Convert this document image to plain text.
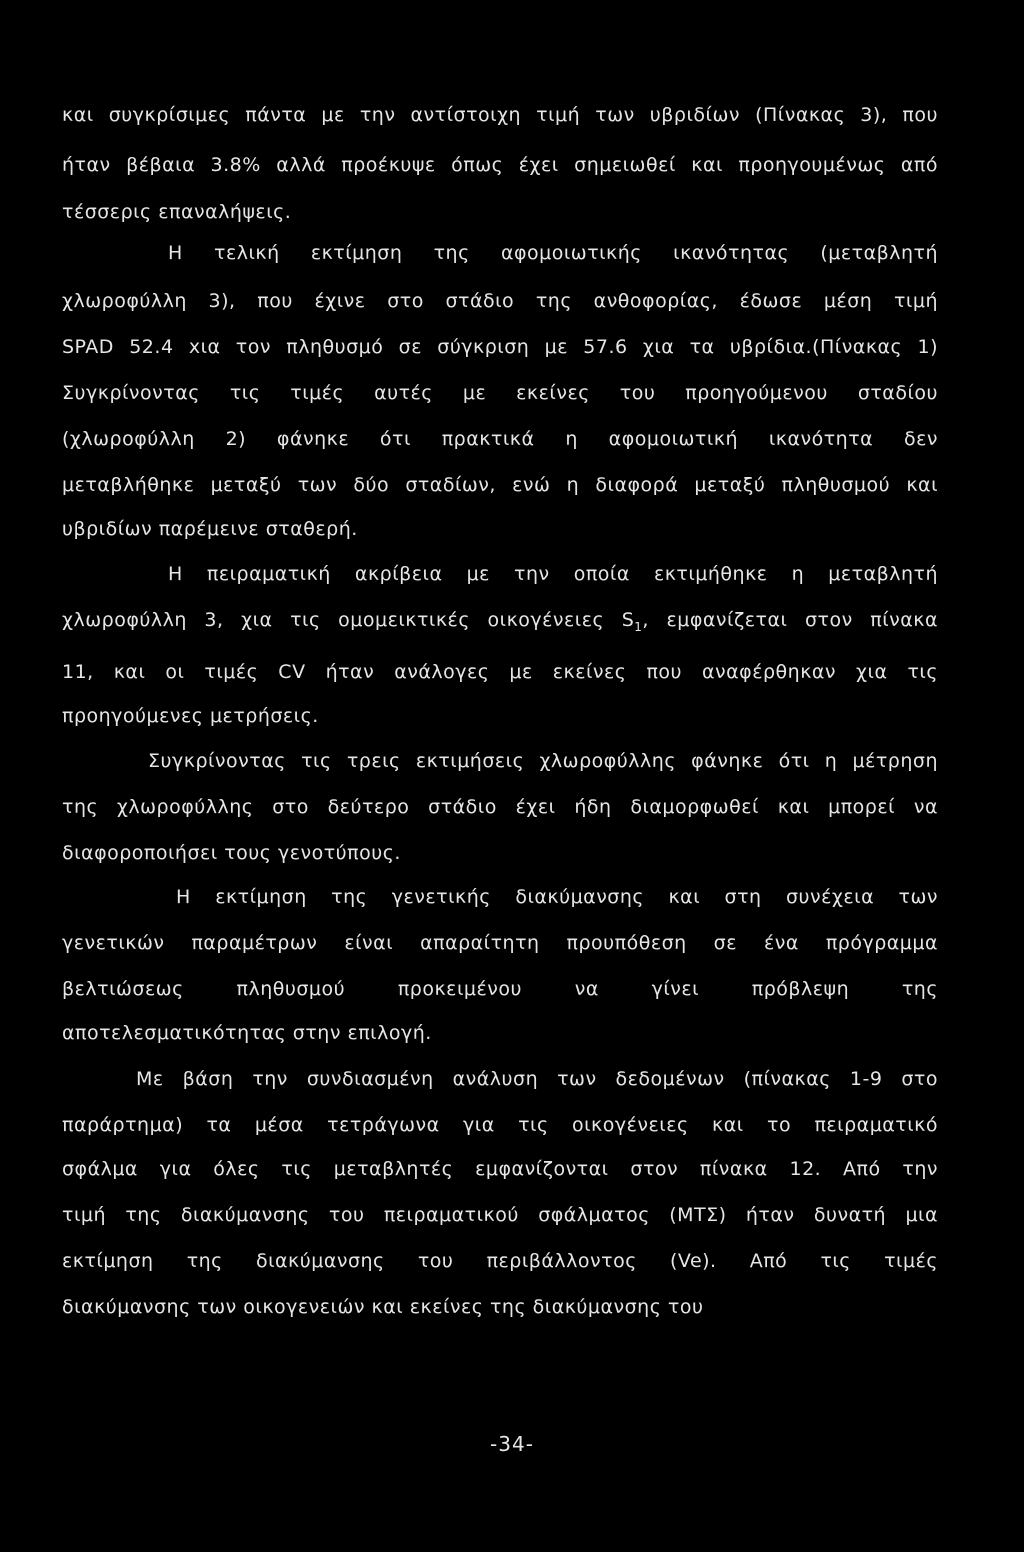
και συγκρίσιμες πάντα με την αντίστοιχη τιμή των υβριδίων (Πίνακας 3), που
ήταν βέβαια 3.8% αλλά προέκυψε όπως έχει σημειωθεί και προηγουμένως από
τέσσερις επαναλήψεις.
Η τελική εκτίμηση της αφομοιωτικής ικανότητας (μεταβλητή
χλωροφύλλη 3), που έχινε στο στάδιο της ανθοφορίας, έδωσε μέση τιμή
SPAD 52.4 xια τον πληθυσμό σε σύγκριση με 57.6 χια τα υβρίδια.(Πίνακας 1)
Συγκρίνοντας τις τιμές αυτές με εκείνες του προηγούμενου σταδίου
(χλωροφύλλη 2) φάνηκε ότι πρακτικά η αφομοιωτική ικανότητα δεν
μεταβλήθηκε μεταξύ των δύο σταδίων, ενώ η διαφορά μεταξύ πληθυσμού και
υβριδίων παρέμεινε σταθερή.
Η πειραματική ακρίβεια με την οποία εκτιμήθηκε η μεταβλητή
χλωροφύλλη 3, χια τις ομομεικτικές οικογένειες $S_1$, εμφανίζεται στον πίνακα
11, και οι τιμές CV ήταν ανάλογες με εκείνες που αναφέρθηκαν χια τις
προηγούμενες μετρήσεις.
Συγκρίνοντας τις τρεις εκτιμήσεις χλωροφύλλης φάνηκε ότι η μέτρηση
της χλωροφύλλης στο δεύτερο στάδιο έχει ήδη διαμορφωθεί και μπορεί να
διαφοροποιήσει τους γενοτύπους.
Η εκτίμηση της γενετικής διακύμανσης και στη συνέχεια των
γενετικών παραμέτρων είναι απαραίτητη προυπόθεση σε ένα πρόγραμμα
βελτιώσεως πληθυσμού προκειμένου να γίνει πρόβλεψη της
αποτελεσματικότητας στην επιλογή.
Με βάση την συνδιασμένη ανάλυση των δεδομένων (πίνακας 1-9 στο
παράρτημα) τα μέσα τετράγωνα για τις οικογένειες και το πειραματικό
σφάλμα για όλες τις μεταβλητές εμφανίζονται στον πίνακα 12. Από την
τιμή της διακύμανσης του πειραματικού σφάλματος (ΜΤΣ) ήταν δυνατή μια
εκτίμηση της διακύμανσης του περιβάλλοντος (Ve). Από τις τιμές
διακύμανσης των οικογενειών και εκείνες της διακύμανσης του
-34-
